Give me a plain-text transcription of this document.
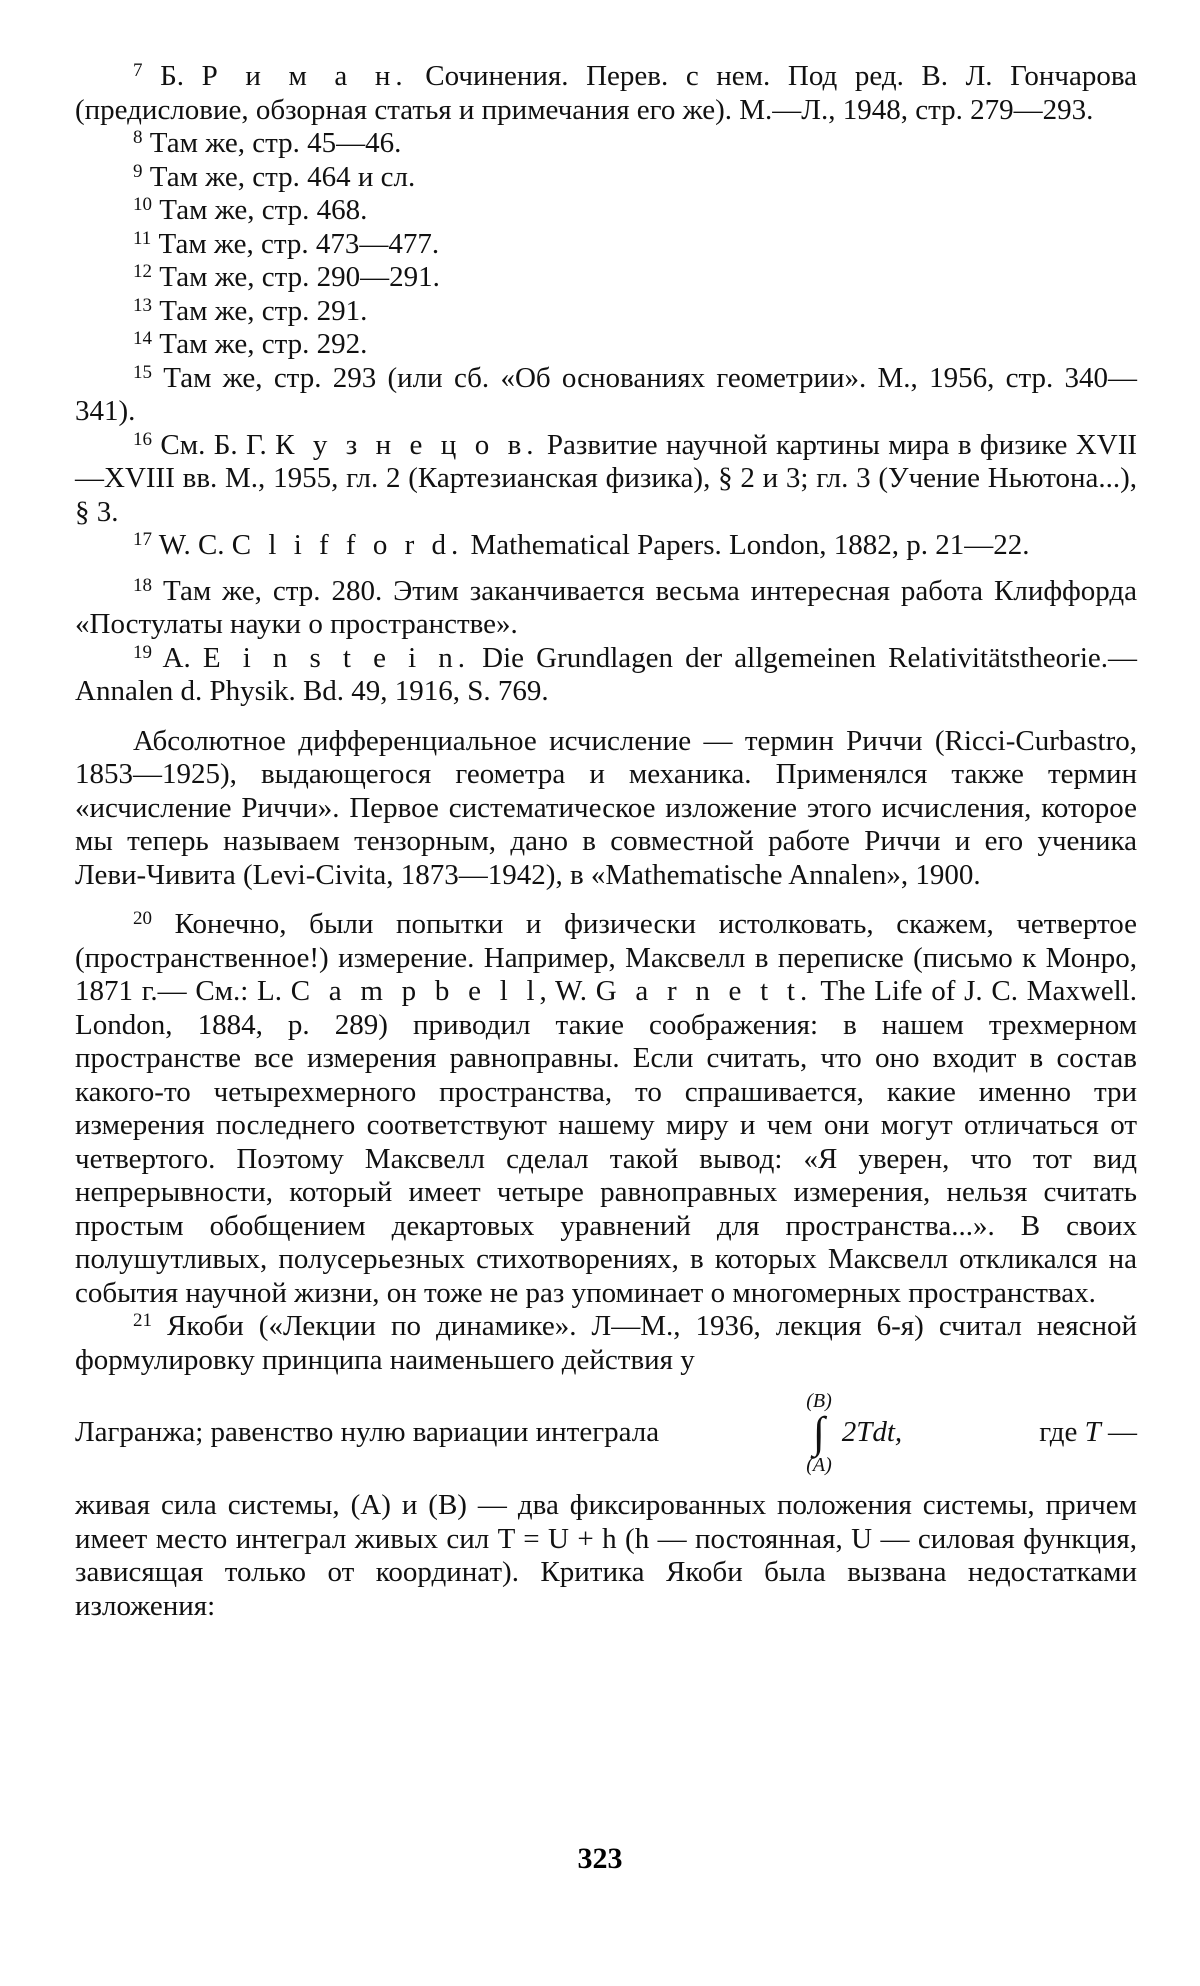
$^7$ Б. Р и м а н. Сочинения. Перев. с нем. Под ред. В. Л. Гончарова (предисловие, обзорная статья и примечания его же). М.—Л., 1948, стр. 279—293.

$^8$ Там же, стр. 45—46.

$^9$ Там же, стр. 464 и сл.

$^{10}$ Там же, стр. 468.

$^{11}$ Там же, стр. 473—477.

$^{12}$ Там же, стр. 290—291.

$^{13}$ Там же, стр. 291.

$^{14}$ Там же, стр. 292.

$^{15}$ Там же, стр. 293 (или сб. «Об основаниях геометрии». М., 1956, стр. 340—341).

$^{16}$ См. Б. Г. К у з н е ц о в. Развитие научной картины мира в физике XVII—XVIII вв. М., 1955, гл. 2 (Картезианская физика), § 2 и 3; гл. 3 (Учение Ньютона...), § 3.

$^{17}$ W. C. C l i f f o r d. Mathematical Papers. London, 1882, p. 21—22.

$^{18}$ Там же, стр. 280. Этим заканчивается весьма интересная работа Клиффорда «Постулаты науки о пространстве».

$^{19}$ A. E i n s t e i n. Die Grundlagen der allgemeinen Relativitätstheorie.— Annalen d. Physik. Bd. 49, 1916, S. 769.

Абсолютное дифференциальное исчисление — термин Риччи (Ricci-Curbastro, 1853—1925), выдающегося геометра и механика. Применялся также термин «исчисление Риччи». Первое систематическое изложение этого исчисления, которое мы теперь называем тензорным, дано в совместной работе Риччи и его ученика Леви-Чивита (Levi-Civita, 1873—1942), в «Mathematische Annalen», 1900.

$^{20}$ Конечно, были попытки и физически истолковать, скажем, четвертое (пространственное!) измерение. Например, Максвелл в переписке (письмо к Монро, 1871 г.— См.: L. C a m p b e l l, W. G a r n e t t. The Life of J. C. Maxwell. London, 1884, p. 289) приводил такие соображения: в нашем трехмерном пространстве все измерения равноправны. Если считать, что оно входит в состав какого-то четырехмерного пространства, то спрашивается, какие именно три измерения последнего соответствуют нашему миру и чем они могут отличаться от четвертого. Поэтому Максвелл сделал такой вывод: «Я уверен, что тот вид непрерывности, который имеет четыре равноправных измерения, нельзя считать простым обобщением декартовых уравнений для пространства...». В своих полушутливых, полусерьезных стихотворениях, в которых Максвелл откликался на события научной жизни, он тоже не раз упоминает о многомерных пространствах.

$^{21}$ Якоби («Лекции по динамике». Л—М., 1936, лекция 6-я) считал неясной формулировку принципа наименьшего действия у

Лагранжа; равенство нулю вариации интеграла
(B)
∫
(A)
2Tdt,	где T —

живая сила системы, (A) и (B) — два фиксированных положения системы, причем имеет место интеграл живых сил T = U + h (h — постоянная, U — силовая функция, зависящая только от координат). Критика Якоби была вызвана недостатками изложения:

323
